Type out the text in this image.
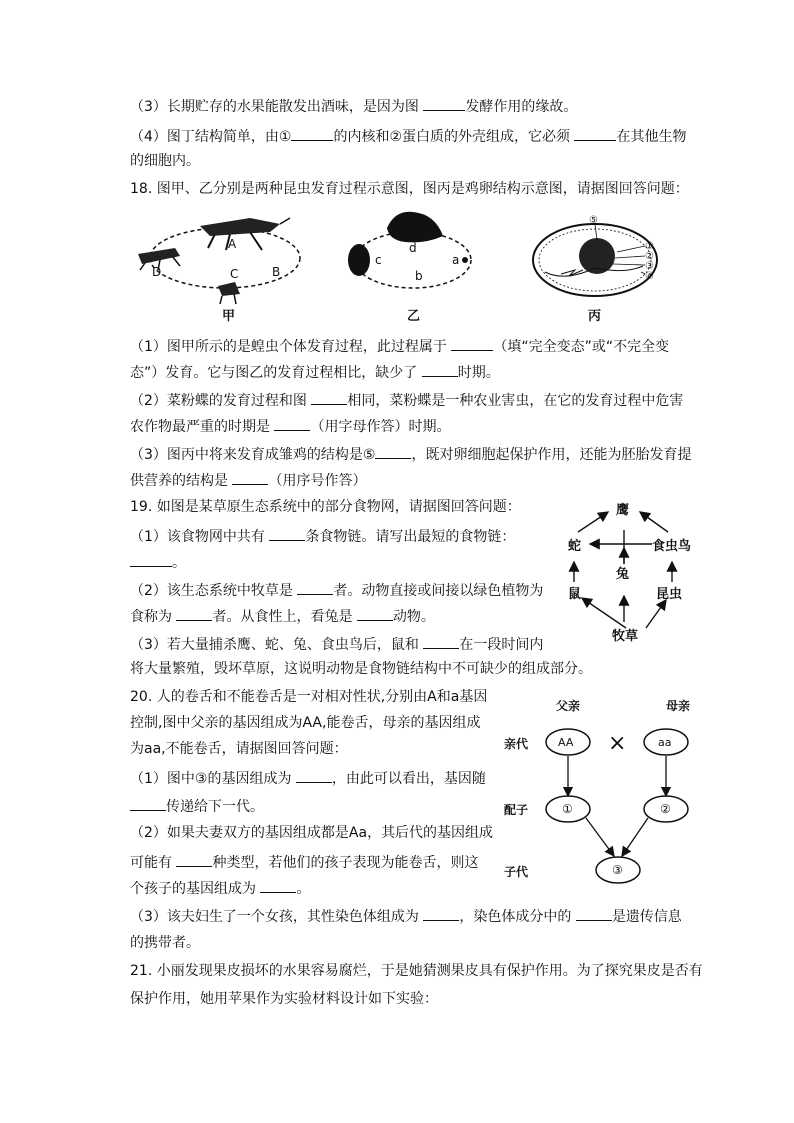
（3）长期贮存的水果能散发出酒味，是因为图	发酵作用的缘故。
（4）图丁结构简单，由①	的内核和②蛋白质的外壳组成，它必须	在其他生物
的细胞内。
18. 图甲、乙分别是两种昆虫发育过程示意图，图丙是鸡卵结构示意图，请据图回答问题：
A
B
C
D
甲
d
c	a
b
乙
⑤
①
②
③
④
丙
（1）图甲所示的是蝗虫个体发育过程，此过程属于	（填“完全变态”或“不完全变
态”）发育。它与图乙的发育过程相比，缺少了	时期。
（2）菜粉蝶的发育过程和图	相同，菜粉蝶是一种农业害虫，在它的发育过程中危害
农作物最严重的时期是	（用字母作答）时期。
（3）图丙中将来发育成雏鸡的结构是⑤	，既对卵细胞起保护作用，还能为胚胎发育提
供营养的结构是	（用序号作答）
19. 如图是某草原生态系统中的部分食物网，请据图回答问题：
（1）该食物网中共有	条食物链。请写出最短的食物链：
。
（2）该生态系统中牧草是	者。动物直接或间接以绿色植物为
食称为	者。从食性上，看兔是	动物。
（3）若大量捕杀鹰、蛇、兔、食虫鸟后，鼠和	在一段时间内
将大量繁殖，毁坏草原，这说明动物是食物链结构中不可缺少的组成部分。
鹰
蛇	食虫鸟
兔
鼠	昆虫
牧草
20. 人的卷舌和不能卷舌是一对相对性状,分别由A和a基因
控制,图中父亲的基因组成为AA,能卷舌，母亲的基因组成
为aa,不能卷舌，请据图回答问题：
（1）图中③的基因组成为	，由此可以看出，基因随
传递给下一代。
（2）如果夫妻双方的基因组成都是Aa，其后代的基因组成
可能有	种类型，若他们的孩子表现为能卷舌，则这
个孩子的基因组成为	。
（3）该夫妇生了一个女孩，其性染色体组成为	，染色体成分中的	是遗传信息
的携带者。
父亲	母亲
亲代
配子
子代
AA ×	aa
①	②
③
21. 小丽发现果皮损坏的水果容易腐烂，于是她猜测果皮具有保护作用。为了探究果皮是否有
保护作用，她用苹果作为实验材料设计如下实验：
